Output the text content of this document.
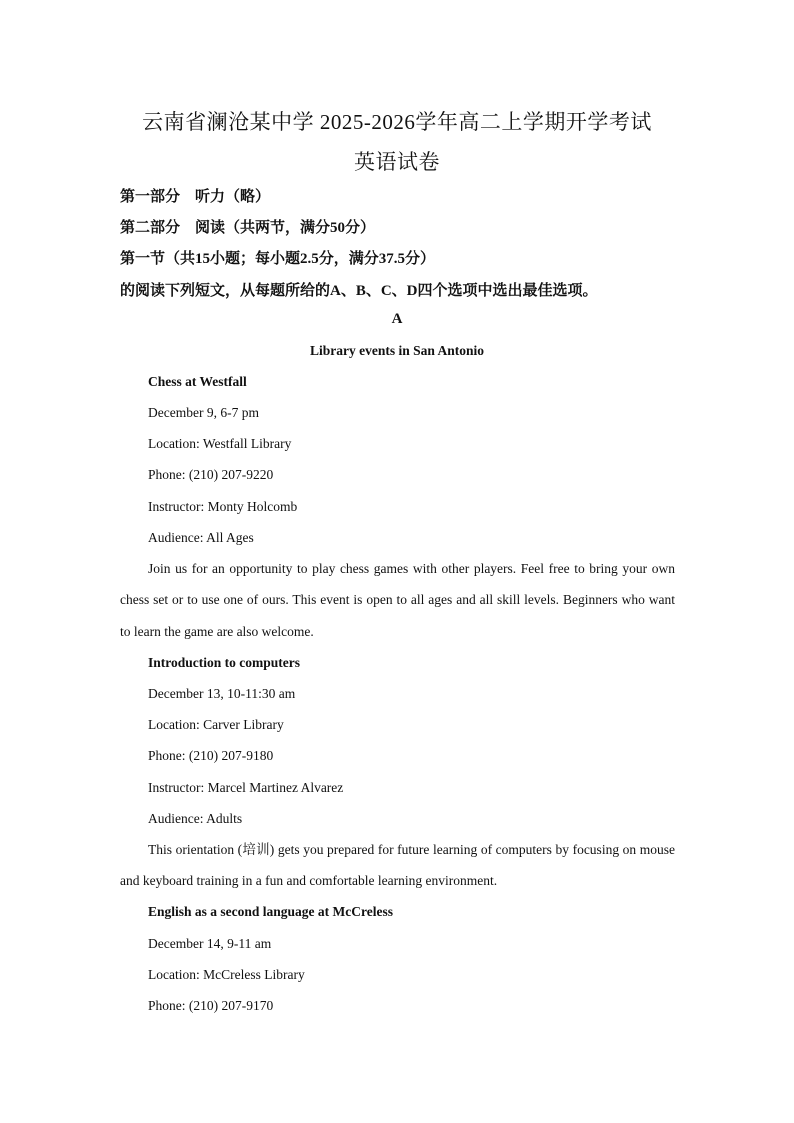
云南省澜沧某中学 2025-2026学年高二上学期开学考试
英语试卷
第一部分　听力（略）
第二部分　阅读（共两节，满分50分）
第一节（共15小题；每小题2.5分，满分37.5分）
的阅读下列短文，从每题所给的A、B、C、D四个选项中选出最佳选项。
A
Library events in San Antonio
Chess at Westfall
December 9, 6-7 pm
Location: Westfall Library
Phone: (210) 207-9220
Instructor: Monty Holcomb
Audience: All Ages
Join us for an opportunity to play chess games with other players. Feel free to bring your own chess set or to use one of ours. This event is open to all ages and all skill levels. Beginners who want to learn the game are also welcome.
Introduction to computers
December 13, 10-11:30 am
Location: Carver Library
Phone: (210) 207-9180
Instructor: Marcel Martinez Alvarez
Audience: Adults
This orientation (培训) gets you prepared for future learning of computers by focusing on mouse and keyboard training in a fun and comfortable learning environment.
English as a second language at McCreless
December 14, 9-11 am
Location: McCreless Library
Phone: (210) 207-9170
